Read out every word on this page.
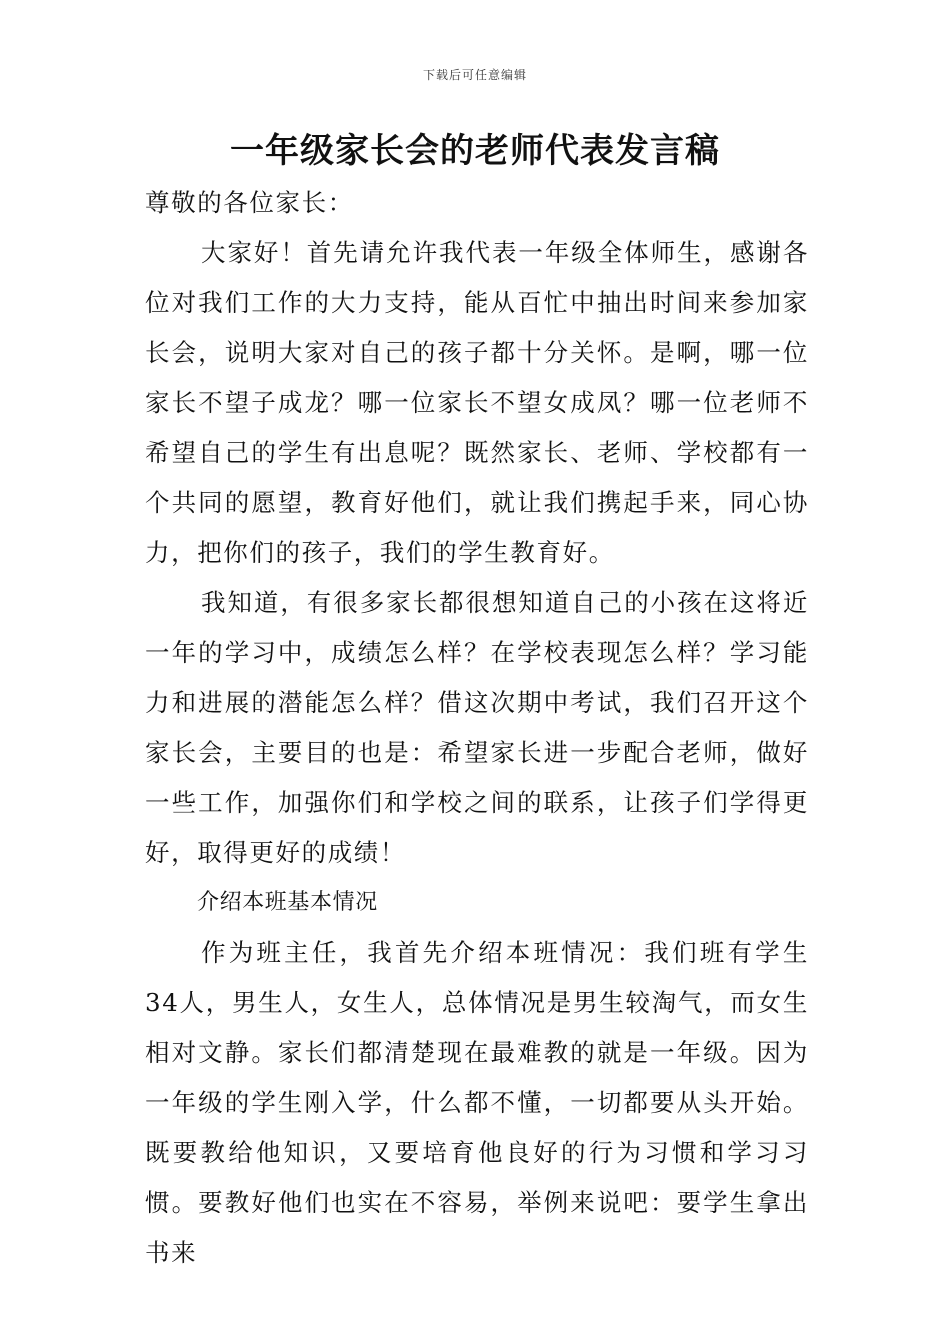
下载后可任意编辑
一年级家长会的老师代表发言稿

尊敬的各位家长：

大家好！首先请允许我代表一年级全体师生，感谢各位对我们工作的大力支持，能从百忙中抽出时间来参加家长会，说明大家对自己的孩子都十分关怀。是啊，哪一位家长不望子成龙？哪一位家长不望女成凤？哪一位老师不希望自己的学生有出息呢？既然家长、老师、学校都有一个共同的愿望，教育好他们，就让我们携起手来，同心协力，把你们的孩子，我们的学生教育好。

我知道，有很多家长都很想知道自己的小孩在这将近一年的学习中，成绩怎么样？在学校表现怎么样？学习能力和进展的潜能怎么样？借这次期中考试，我们召开这个家长会，主要目的也是：希望家长进一步配合老师，做好一些工作，加强你们和学校之间的联系，让孩子们学得更好，取得更好的成绩！

介绍本班基本情况

作为班主任，我首先介绍本班情况：我们班有学生34人，男生人，女生人，总体情况是男生较淘气，而女生相对文静。家长们都清楚现在最难教的就是一年级。因为一年级的学生刚入学，什么都不懂，一切都要从头开始。既要教给他知识，又要培育他良好的行为习惯和学习习惯。要教好他们也实在不容易，举例来说吧：要学生拿出书来
